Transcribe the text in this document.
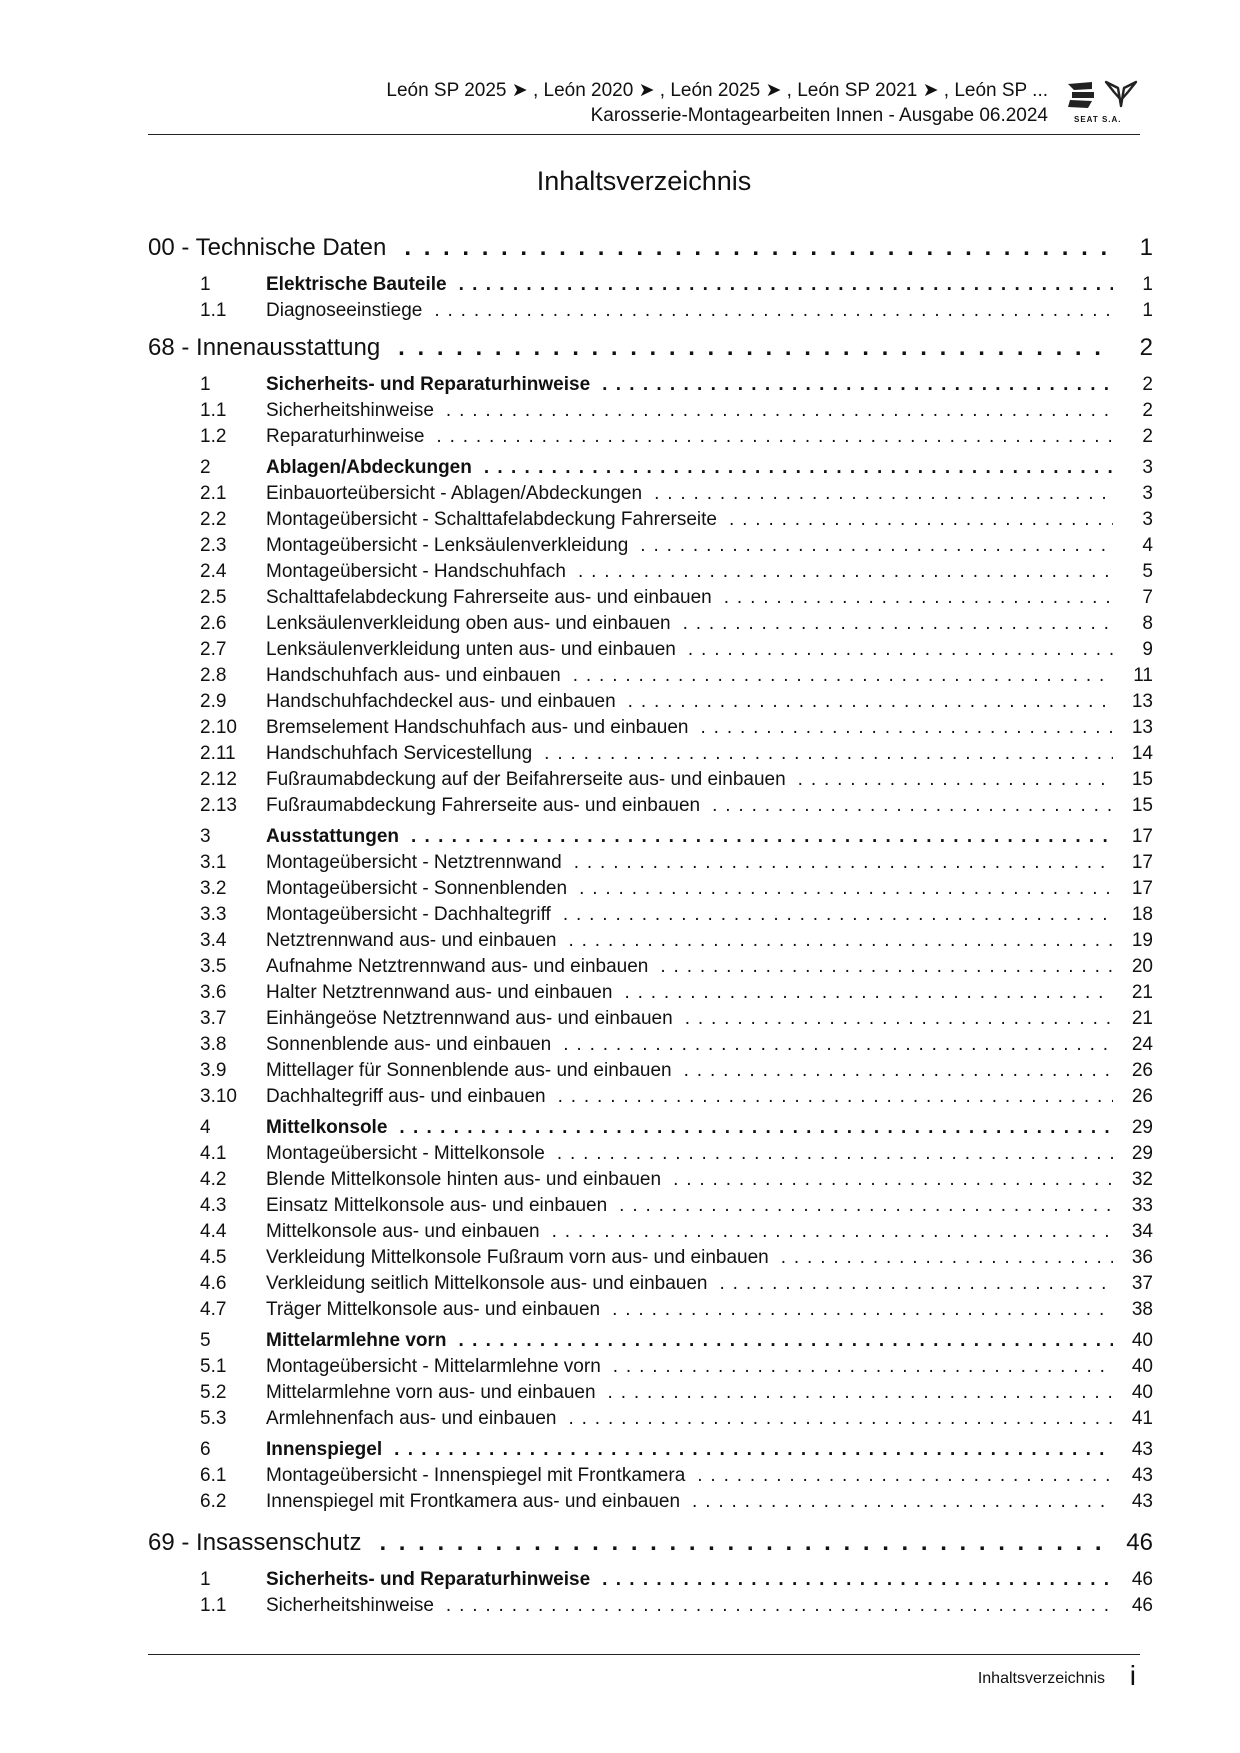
León SP 2025 ➤ , León 2020 ➤ , León 2025 ➤ , León SP 2021 ➤ , León SP ...
Karosserie-Montagearbeiten Innen - Ausgabe 06.2024	SEAT S.A.
Inhaltsverzeichnis
00 - Technische Daten . . .	1
1	Elektrische Bauteile . . .	1
1.1	Diagnoseeinstiege . . .	1
68 - Innenausstattung . . .	2
1	Sicherheits- und Reparaturhinweise . . .	2
1.1	Sicherheitshinweise . . .	2
1.2	Reparaturhinweise . . .	2
2	Ablagen/Abdeckungen . . .	3
2.1	Einbauorteübersicht - Ablagen/Abdeckungen . . .	3
2.2	Montageübersicht - Schalttafelabdeckung Fahrerseite . . .	3
2.3	Montageübersicht - Lenksäulenverkleidung . . .	4
2.4	Montageübersicht - Handschuhfach . . .	5
2.5	Schalttafelabdeckung Fahrerseite aus- und einbauen . . .	7
2.6	Lenksäulenverkleidung oben aus- und einbauen . . .	8
2.7	Lenksäulenverkleidung unten aus- und einbauen . . .	9
2.8	Handschuhfach aus- und einbauen . . .	11
2.9	Handschuhfachdeckel aus- und einbauen . . .	13
2.10	Bremselement Handschuhfach aus- und einbauen . . .	13
2.11	Handschuhfach Servicestellung . . .	14
2.12	Fußraumabdeckung auf der Beifahrerseite aus- und einbauen . . .	15
2.13	Fußraumabdeckung Fahrerseite aus- und einbauen . . .	15
3	Ausstattungen . . .	17
3.1	Montageübersicht - Netztrennwand . . .	17
3.2	Montageübersicht - Sonnenblenden . . .	17
3.3	Montageübersicht - Dachhaltegriff . . .	18
3.4	Netztrennwand aus- und einbauen . . .	19
3.5	Aufnahme Netztrennwand aus- und einbauen . . .	20
3.6	Halter Netztrennwand aus- und einbauen . . .	21
3.7	Einhängeöse Netztrennwand aus- und einbauen . . .	21
3.8	Sonnenblende aus- und einbauen . . .	24
3.9	Mittellager für Sonnenblende aus- und einbauen . . .	26
3.10	Dachhaltegriff aus- und einbauen . . .	26
4	Mittelkonsole . . .	29
4.1	Montageübersicht - Mittelkonsole . . .	29
4.2	Blende Mittelkonsole hinten aus- und einbauen . . .	32
4.3	Einsatz Mittelkonsole aus- und einbauen . . .	33
4.4	Mittelkonsole aus- und einbauen . . .	34
4.5	Verkleidung Mittelkonsole Fußraum vorn aus- und einbauen . . .	36
4.6	Verkleidung seitlich Mittelkonsole aus- und einbauen . . .	37
4.7	Träger Mittelkonsole aus- und einbauen . . .	38
5	Mittelarmlehne vorn . . .	40
5.1	Montageübersicht - Mittelarmlehne vorn . . .	40
5.2	Mittelarmlehne vorn aus- und einbauen . . .	40
5.3	Armlehnenfach aus- und einbauen . . .	41
6	Innenspiegel . . .	43
6.1	Montageübersicht - Innenspiegel mit Frontkamera . . .	43
6.2	Innenspiegel mit Frontkamera aus- und einbauen . . .	43
69 - Insassenschutz . . .	46
1	Sicherheits- und Reparaturhinweise . . .	46
1.1	Sicherheitshinweise . . .	46
Inhaltsverzeichnis i
